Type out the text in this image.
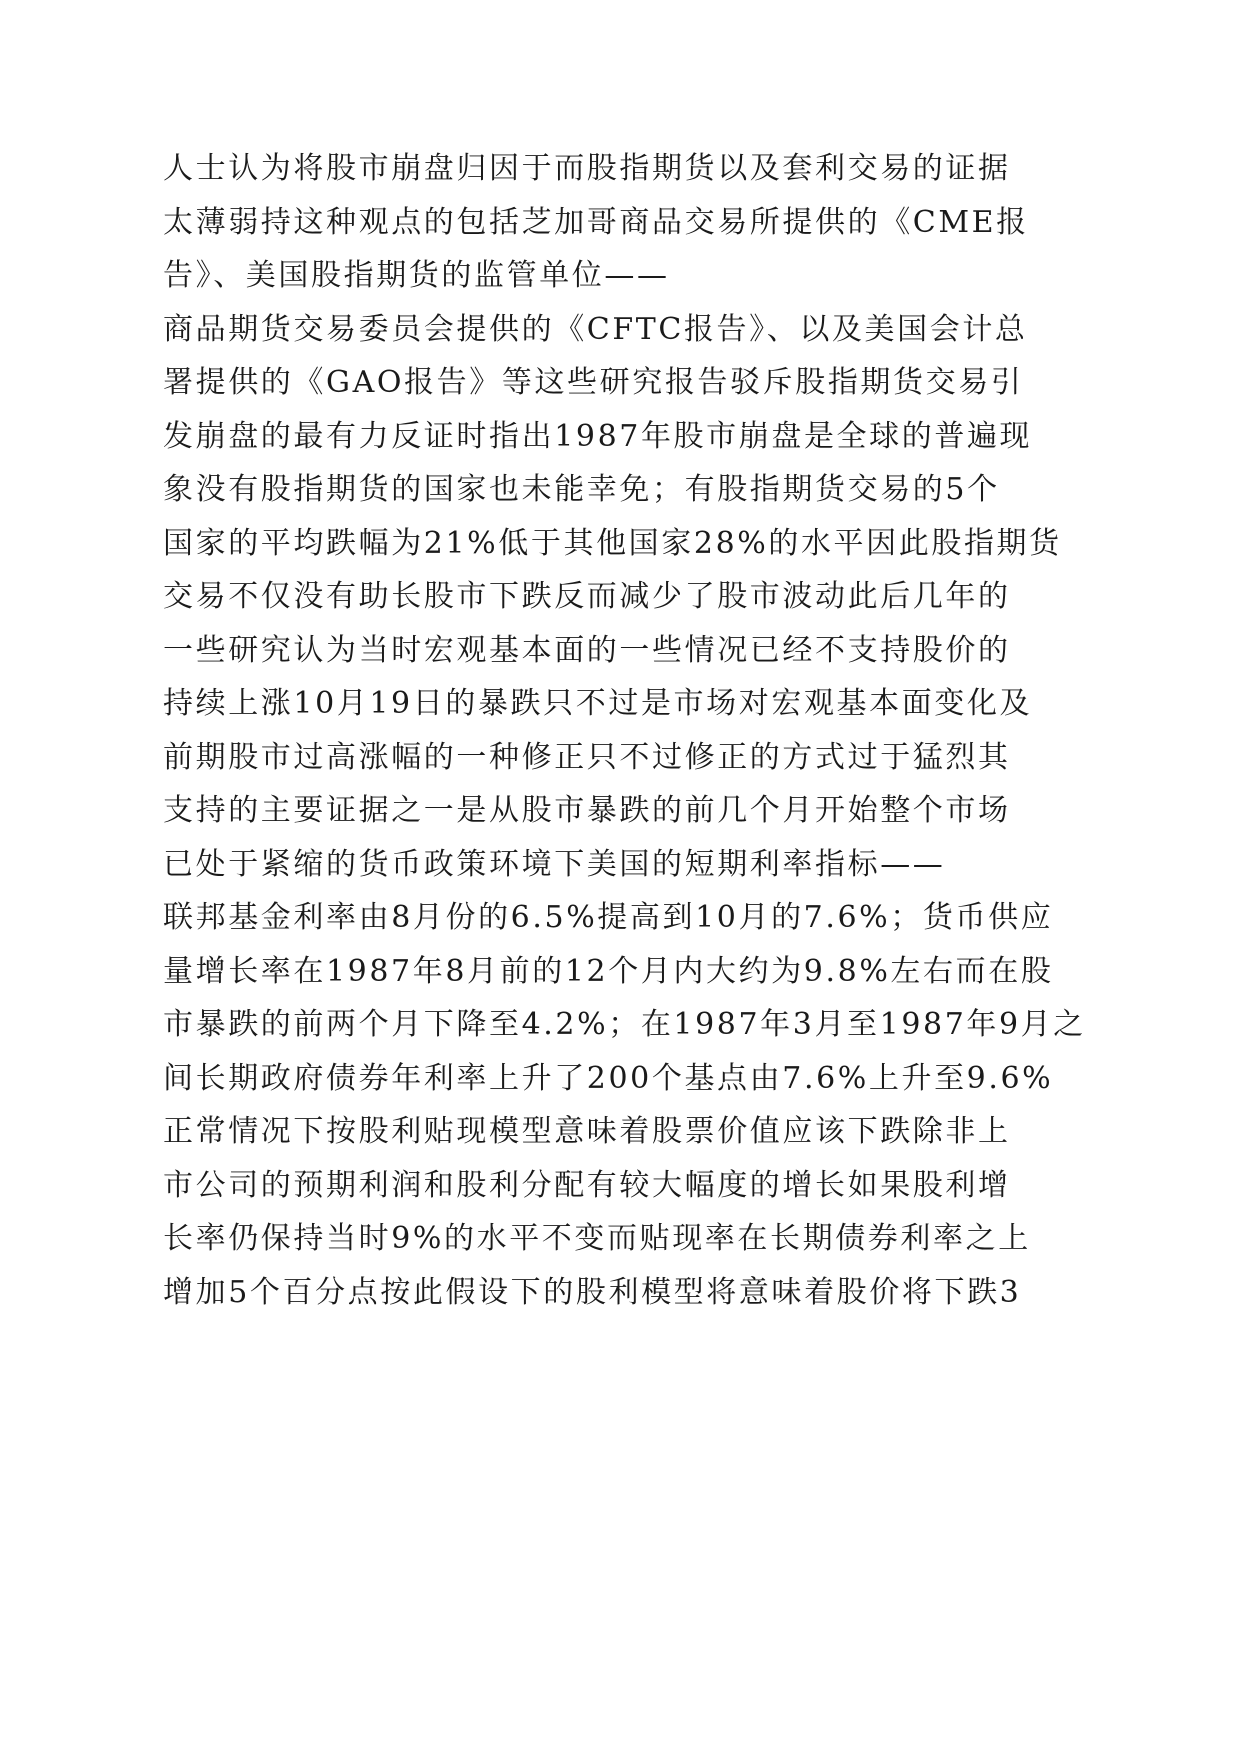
人士认为将股市崩盘归因于而股指期货以及套利交易的证据
太薄弱持这种观点的包括芝加哥商品交易所提供的《CME报
告》、美国股指期货的监管单位——
商品期货交易委员会提供的《CFTC报告》、以及美国会计总
署提供的《GAO报告》等这些研究报告驳斥股指期货交易引
发崩盘的最有力反证时指出1987年股市崩盘是全球的普遍现
象没有股指期货的国家也未能幸免；有股指期货交易的5个
国家的平均跌幅为21%低于其他国家28%的水平因此股指期货
交易不仅没有助长股市下跌反而减少了股市波动此后几年的
一些研究认为当时宏观基本面的一些情况已经不支持股价的
持续上涨10月19日的暴跌只不过是市场对宏观基本面变化及
前期股市过高涨幅的一种修正只不过修正的方式过于猛烈其
支持的主要证据之一是从股市暴跌的前几个月开始整个市场
已处于紧缩的货币政策环境下美国的短期利率指标——
联邦基金利率由8月份的6.5%提高到10月的7.6%；货币供应
量增长率在1987年8月前的12个月内大约为9.8%左右而在股
市暴跌的前两个月下降至4.2%；在1987年3月至1987年9月之
间长期政府债券年利率上升了200个基点由7.6%上升至9.6%
正常情况下按股利贴现模型意味着股票价值应该下跌除非上
市公司的预期利润和股利分配有较大幅度的增长如果股利增
长率仍保持当时9%的水平不变而贴现率在长期债券利率之上
增加5个百分点按此假设下的股利模型将意味着股价将下跌3
